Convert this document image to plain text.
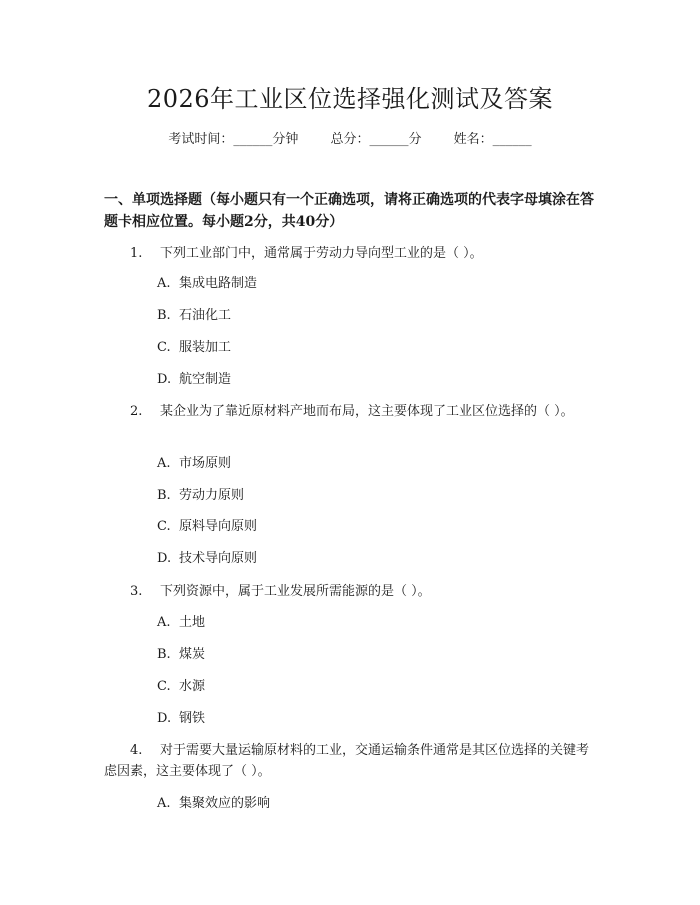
2026年工业区位选择强化测试及答案
考试时间：______分钟 总分：______分 姓名：______
一、单项选择题（每小题只有一个正确选项，请将正确选项的代表字母填涂在答题卡相应位置。每小题2分，共40分）
1. 下列工业部门中，通常属于劳动力导向型工业的是（ ）。
A. 集成电路制造
B. 石油化工
C. 服装加工
D. 航空制造
2. 某企业为了靠近原材料产地而布局，这主要体现了工业区位选择的（ ）。
A. 市场原则
B. 劳动力原则
C. 原料导向原则
D. 技术导向原则
3. 下列资源中，属于工业发展所需能源的是（ ）。
A. 土地
B. 煤炭
C. 水源
D. 钢铁
4. 对于需要大量运输原材料的工业，交通运输条件通常是其区位选择的关键考虑因素，这主要体现了（ ）。
A. 集聚效应的影响
